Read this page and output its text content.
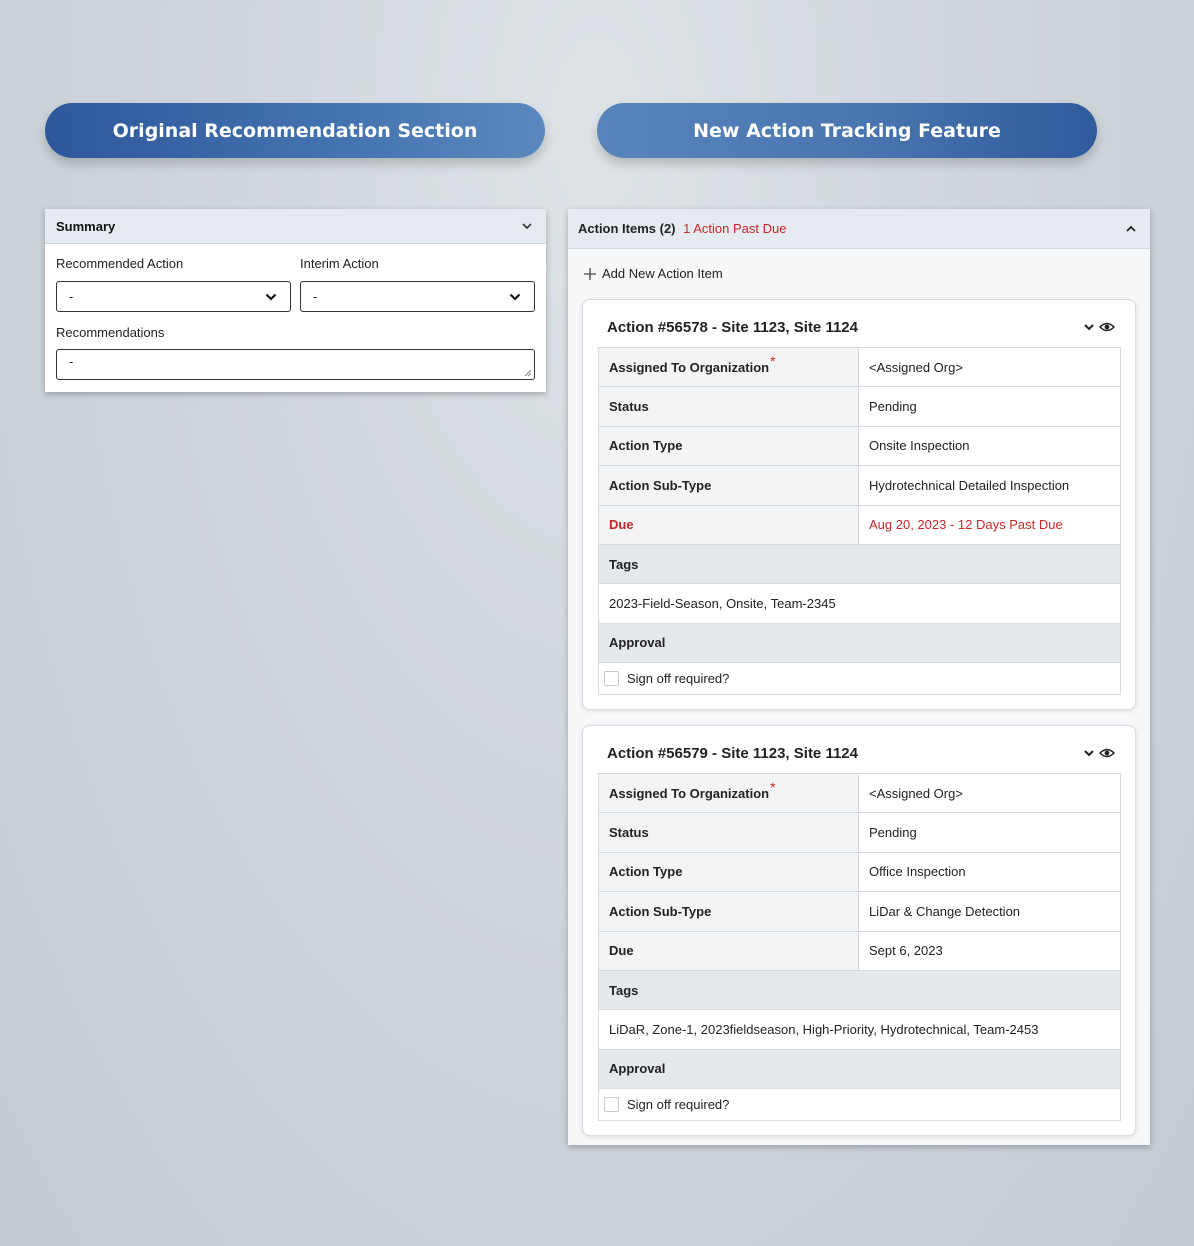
Original Recommendation Section	New Action Tracking Feature
Summary
Recommended Action	Interim Action
-	-
Recommendations
-
Action Items (2) 1 Action Past Due
Add New Action Item
Action #56578 - Site 1123, Site 1124
Assigned To Organization *	<Assigned Org>
Status	Pending
Action Type	Onsite Inspection
Action Sub-Type	Hydrotechnical Detailed Inspection
Due	Aug 20, 2023 - 12 Days Past Due
Tags
2023-Field-Season, Onsite, Team-2345
Approval
Sign off required?
Action #56579 - Site 1123, Site 1124
Assigned To Organization *	<Assigned Org>
Status	Pending
Action Type	Office Inspection
Action Sub-Type	LiDar & Change Detection
Due	Sept 6, 2023
Tags
LiDaR, Zone-1, 2023fieldseason, High-Priority, Hydrotechnical, Team-2453
Approval
Sign off required?
